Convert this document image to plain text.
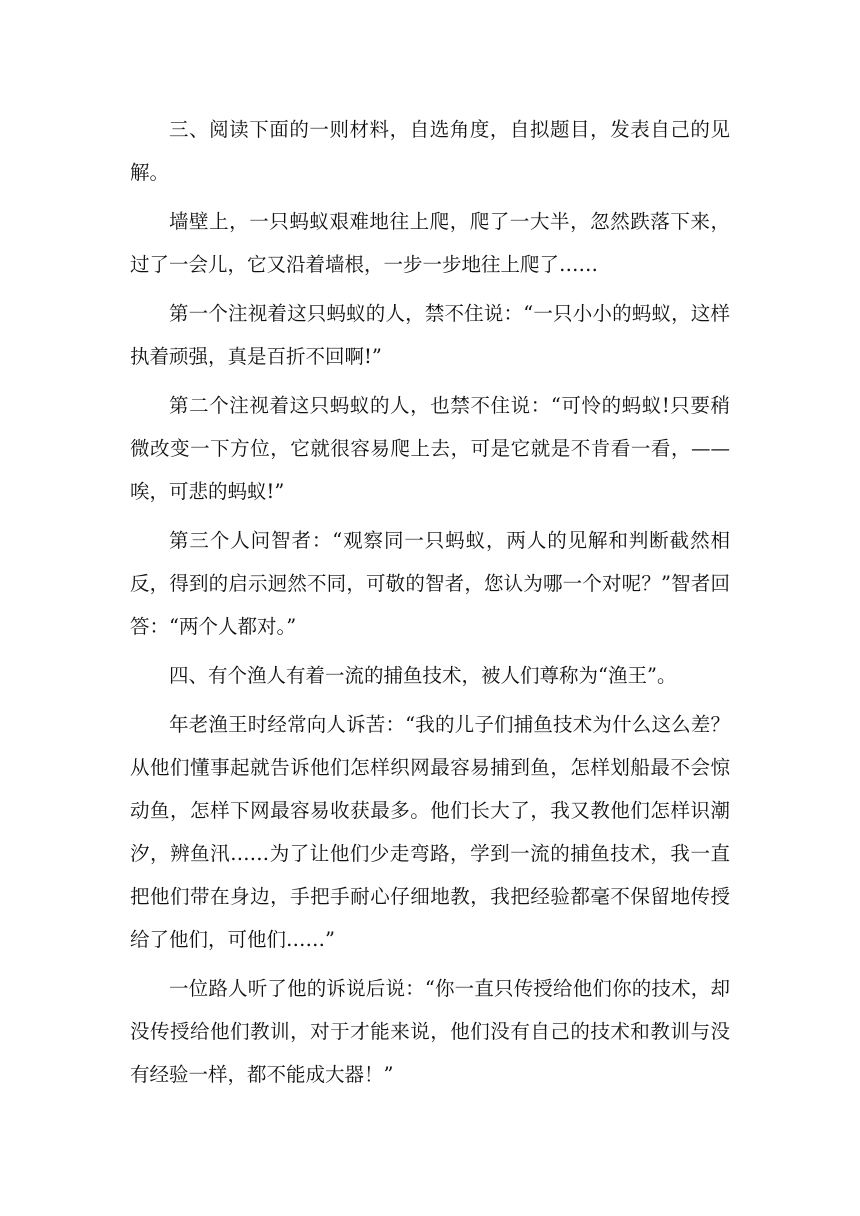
三、阅读下面的一则材料，自选角度，自拟题目，发表自己的见解。

墙壁上，一只蚂蚁艰难地往上爬，爬了一大半，忽然跌落下来，过了一会儿，它又沿着墙根，一步一步地往上爬了……

第一个注视着这只蚂蚁的人，禁不住说：“一只小小的蚂蚁，这样执着顽强，真是百折不回啊!”

第二个注视着这只蚂蚁的人，也禁不住说：“可怜的蚂蚁!只要稍微改变一下方位，它就很容易爬上去，可是它就是不肯看一看，——唉，可悲的蚂蚁!”

第三个人问智者：“观察同一只蚂蚁，两人的见解和判断截然相反，得到的启示迥然不同，可敬的智者，您认为哪一个对呢？”智者回答：“两个人都对。”

四、有个渔人有着一流的捕鱼技术，被人们尊称为“渔王”。

年老渔王时经常向人诉苦：“我的儿子们捕鱼技术为什么这么差？从他们懂事起就告诉他们怎样织网最容易捕到鱼，怎样划船最不会惊动鱼，怎样下网最容易收获最多。他们长大了，我又教他们怎样识潮汐，辨鱼汛……为了让他们少走弯路，学到一流的捕鱼技术，我一直把他们带在身边，手把手耐心仔细地教，我把经验都毫不保留地传授给了他们，可他们……”

一位路人听了他的诉说后说：“你一直只传授给他们你的技术，却没传授给他们教训，对于才能来说，他们没有自己的技术和教训与没有经验一样，都不能成大器！”
